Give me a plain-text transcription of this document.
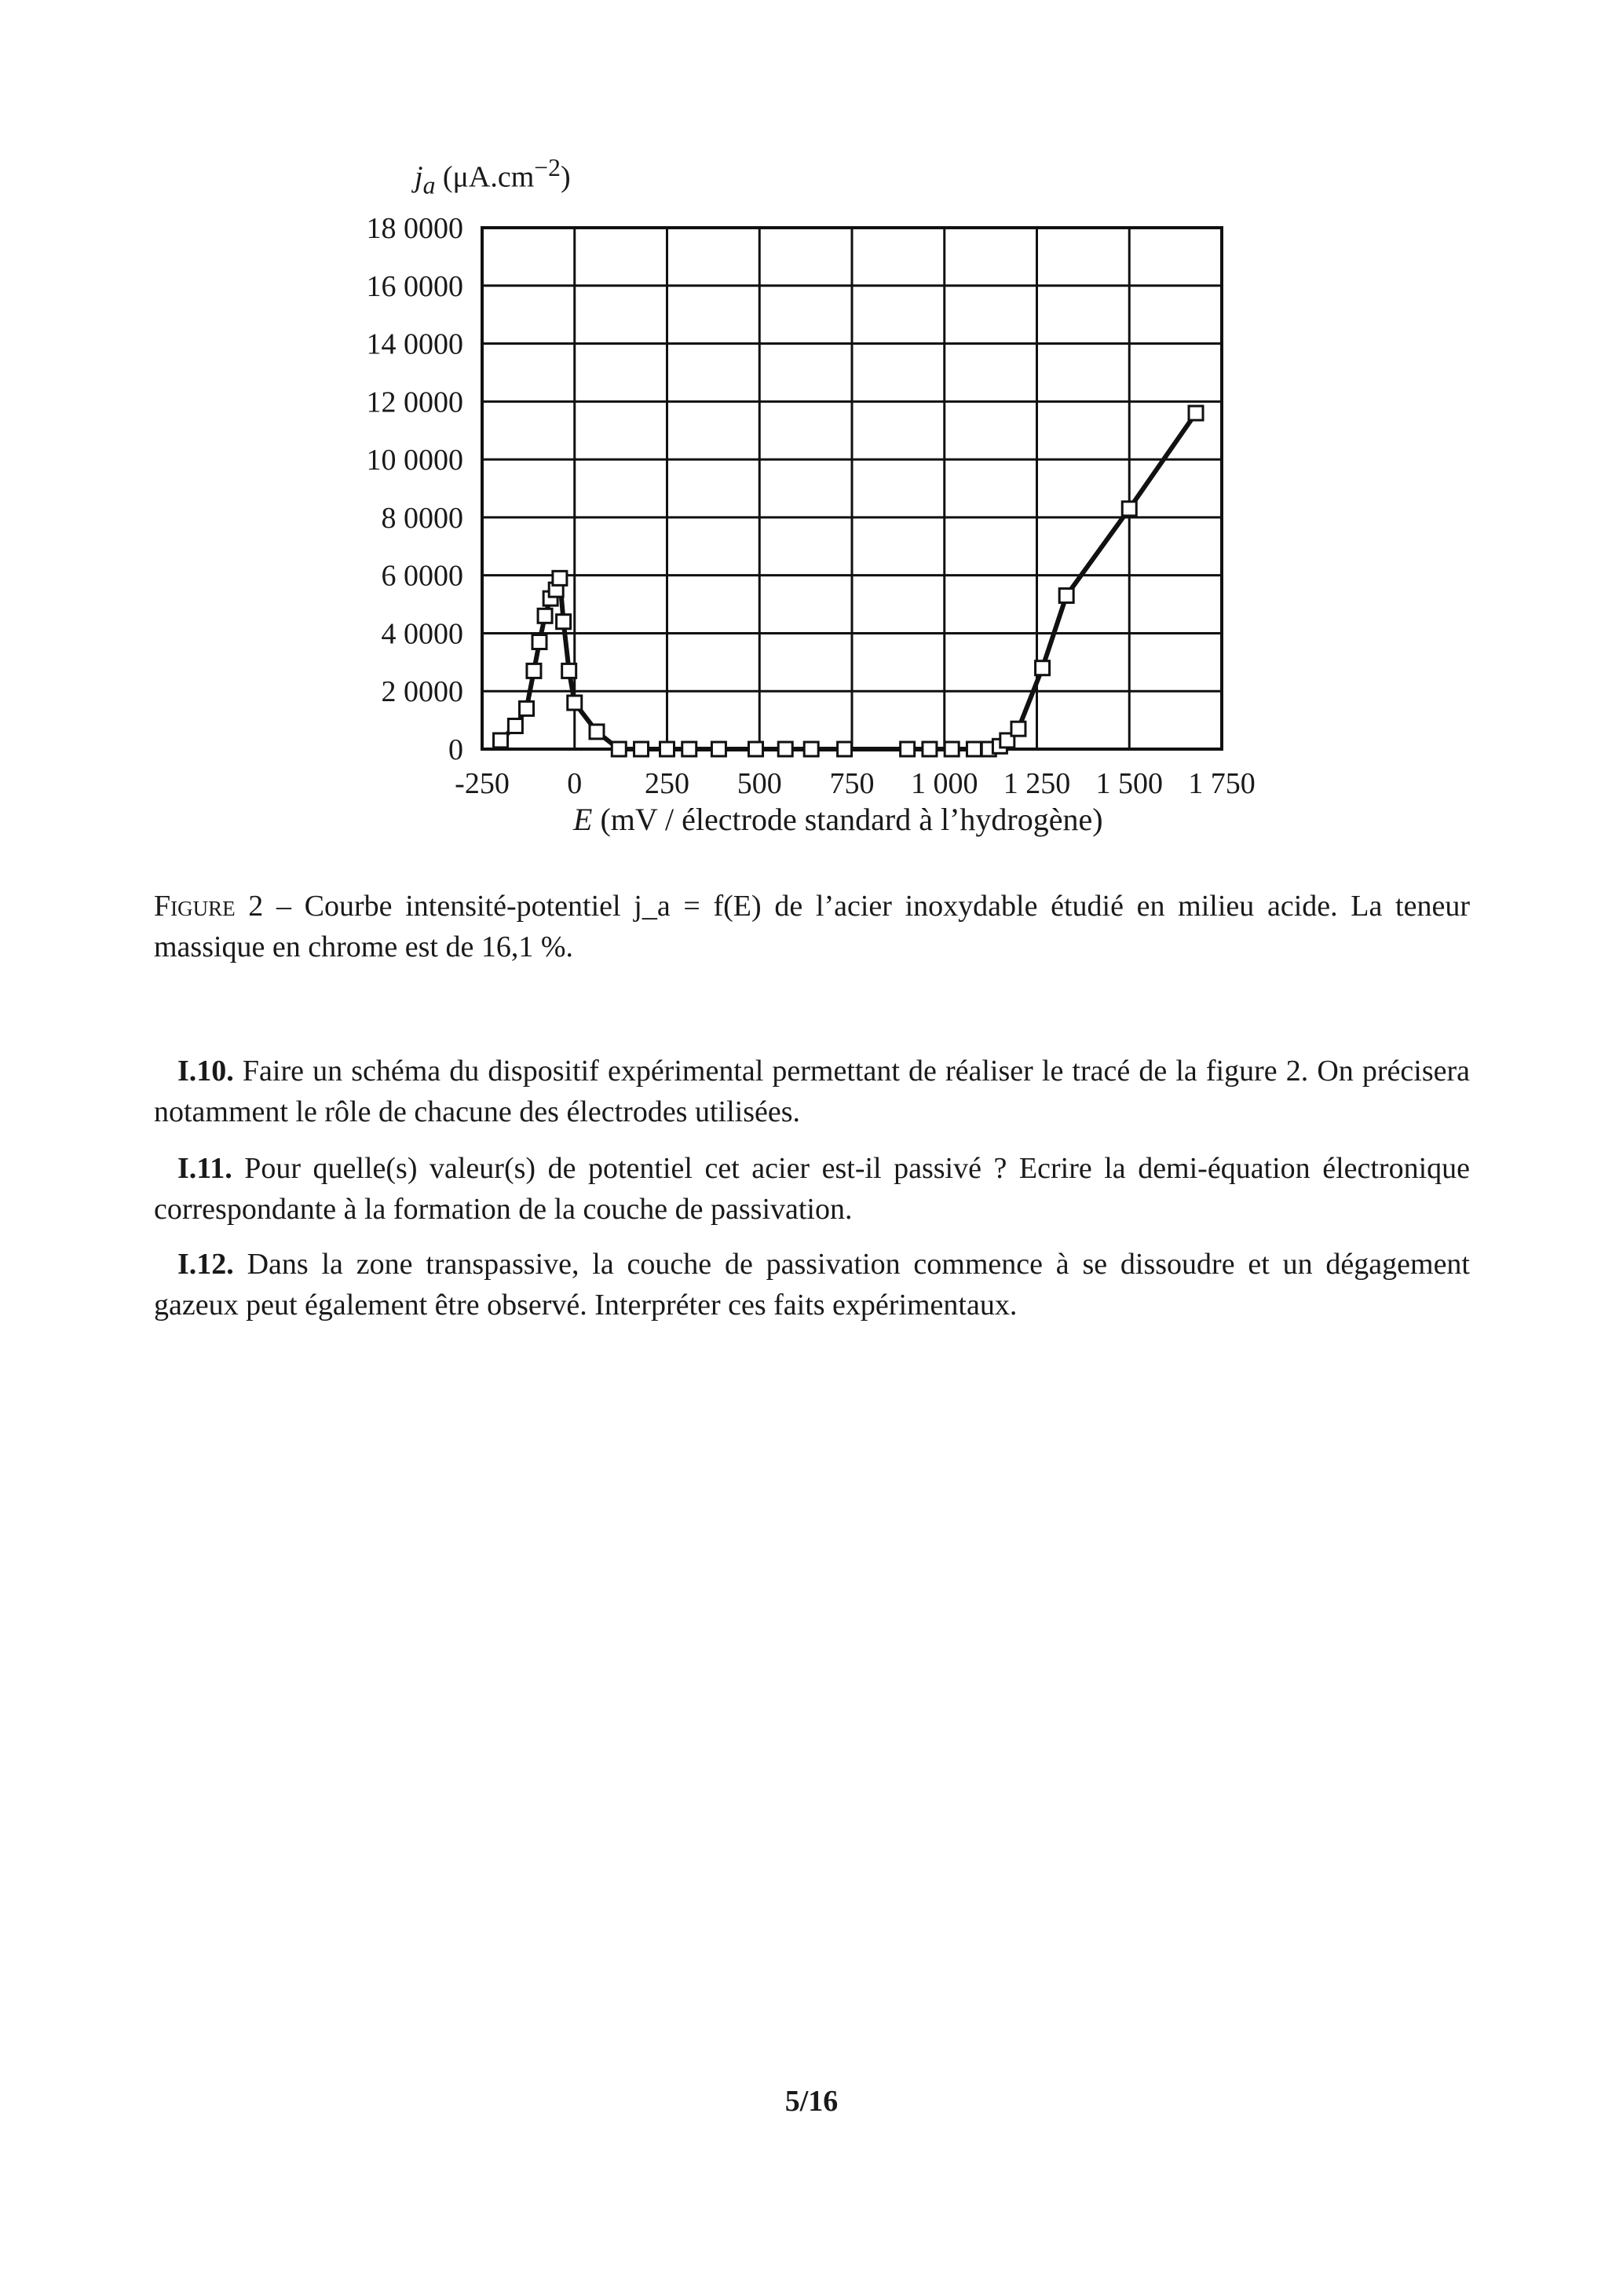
$j_a$ $(\mu A.cm^{-2})$
0
2 0000
4 0000
6 0000
8 0000
10 0000
12 0000
14 0000
16 0000
18 0000
-250 0 250 500 750 1 000 1 250 1 500 1 750
E (mV / électrode standard à l’hydrogène)
Figure 2 – Courbe intensité-potentiel j_a = f(E) de l’acier inoxydable étudié en milieu acide. La teneur massique en chrome est de 16,1 %.

I.10. Faire un schéma du dispositif expérimental permettant de réaliser le tracé de la figure 2. On précisera notamment le rôle de chacune des électrodes utilisées.

I.11. Pour quelle(s) valeur(s) de potentiel cet acier est-il passivé ? Ecrire la demi-équation électronique correspondante à la formation de la couche de passivation.

I.12. Dans la zone transpassive, la couche de passivation commence à se dissoudre et un dégagement gazeux peut également être observé. Interpréter ces faits expérimentaux.

5/16
